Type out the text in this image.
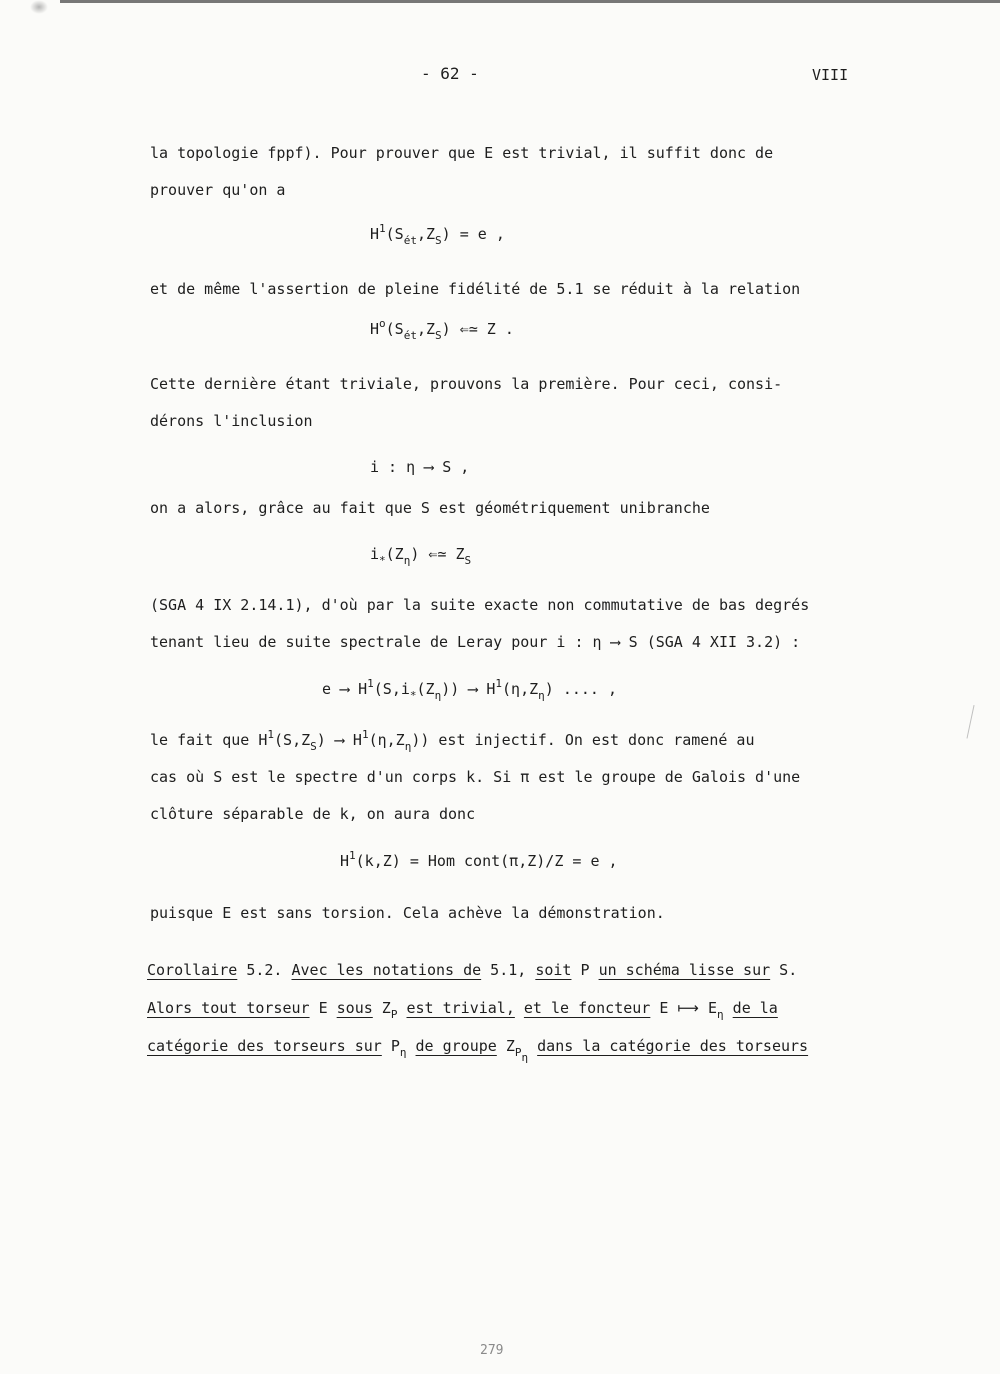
- 62 -	VIII
la topologie fppf). Pour prouver que E est trivial, il suffit donc de
prouver qu'on a
$H^1(S_{ét},Z_S) = e$ ,
et de même l'assertion de pleine fidélité de 5.1 se réduit à la relation
$H^o(S_{ét},Z_S)$ ⇐≃ Z .
Cette dernière étant triviale, prouvons la première. Pour ceci, consi-
dérons l'inclusion
i : η ⟶ S ,
on a alors, grâce au fait que S est géométriquement unibranche
$i_*(Z_\eta)$ ⇐≃ $Z_S$
(SGA 4 IX 2.14.1), d'où par la suite exacte non commutative de bas degrés
tenant lieu de suite spectrale de Leray pour i : η ⟶ S (SGA 4 XII 3.2) :
e ⟶ $H^1(S,i_*(Z_\eta))$ ⟶ $H^1(\eta,Z_\eta)$ .... ,
le fait que $H^1(S,Z_S)$ ⟶ $H^1(\eta,Z_\eta)$) est injectif. On est donc ramené au
cas où S est le spectre d'un corps k. Si π est le groupe de Galois d'une
clôture séparable de k, on aura donc
$H^1(k,Z)$ = Hom cont(π,Z)/Z = e ,
puisque E est sans torsion. Cela achève la démonstration.
Corollaire 5.2. Avec les notations de 5.1, soit P un schéma lisse sur S.
Alors tout torseur E sous $Z_P$ est trivial, et le foncteur E ⟼ $E_\eta$ de la
catégorie des torseurs sur $P_\eta$ de groupe $Z_{P_\eta}$ dans la catégorie des torseurs
279
